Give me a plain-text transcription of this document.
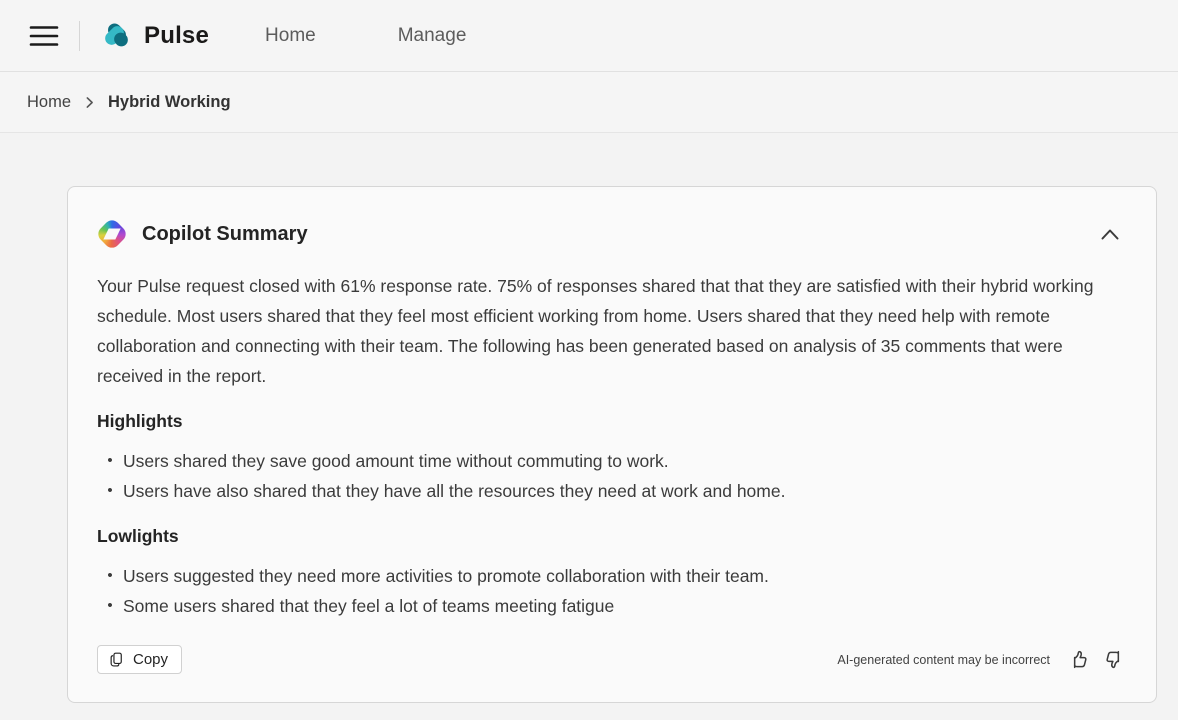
Pulse	Home	Manage
Home Hybrid Working
Copilot Summary

Your Pulse request closed with 61% response rate. 75% of responses shared that that they are satisfied with their hybrid working schedule. Most users shared that they feel most efficient working from home. Users shared that they need help with remote collaboration and connecting with their team. The following has been generated based on analysis of 35 comments that were received in the report.

Highlights
• Users shared they save good amount time without commuting to work.
• Users have also shared that they have all the resources they need at work and home.
Lowlights
• Users suggested they need more activities to promote collaboration with their team.
• Some users shared that they feel a lot of teams meeting fatigue
Copy	AI-generated content may be incorrect
